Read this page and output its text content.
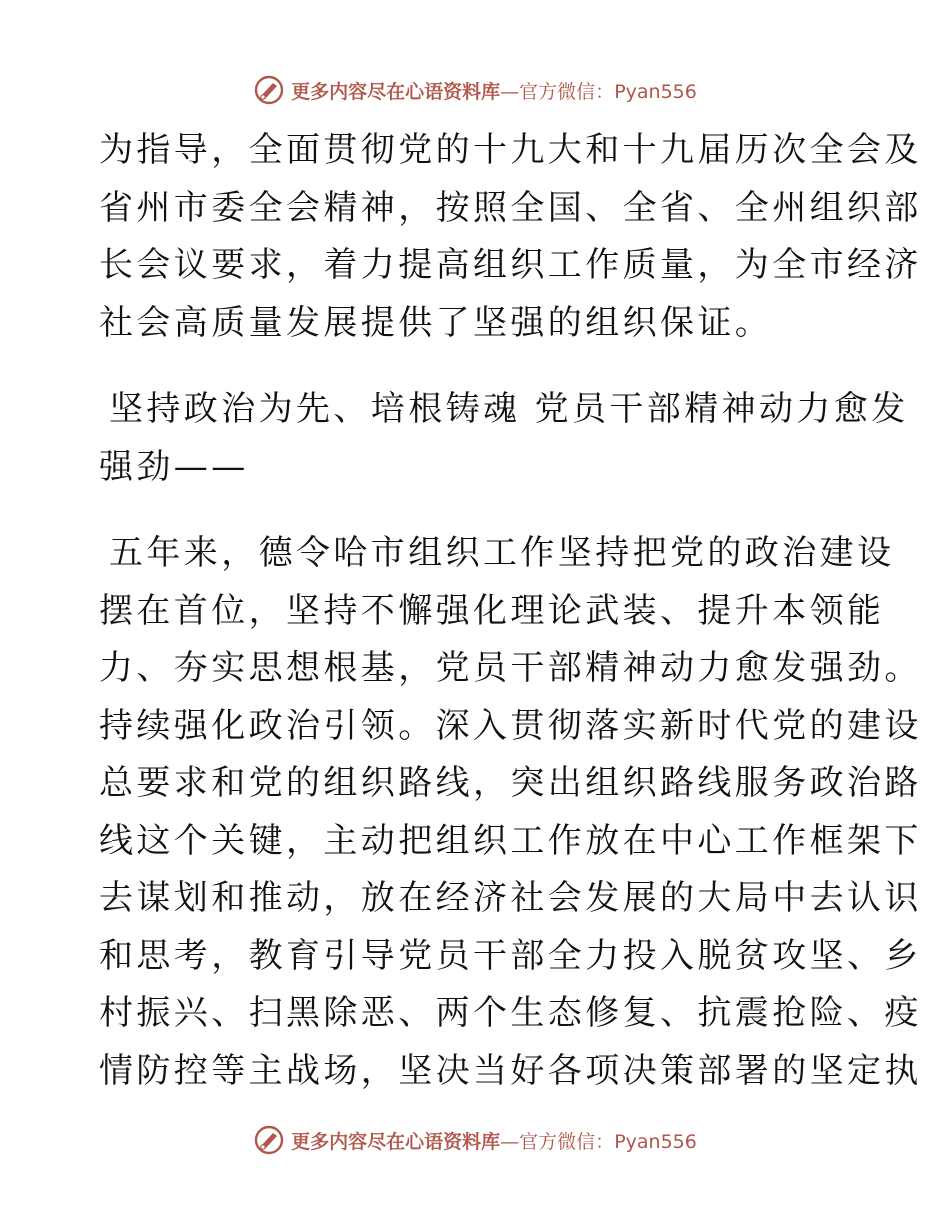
更多内容尽在心语资料库—官方微信：Pyan556
为指导，全面贯彻党的十九大和十九届历次全会及
省州市委全会精神，按照全国、全省、全州组织部
长会议要求，着力提高组织工作质量，为全市经济
社会高质量发展提供了坚强的组织保证。
坚持政治为先、培根铸魂 党员干部精神动力愈发
强劲——
五年来，德令哈市组织工作坚持把党的政治建设
摆在首位，坚持不懈强化理论武装、提升本领能
力、夯实思想根基，党员干部精神动力愈发强劲。
持续强化政治引领。深入贯彻落实新时代党的建设
总要求和党的组织路线，突出组织路线服务政治路
线这个关键，主动把组织工作放在中心工作框架下
去谋划和推动，放在经济社会发展的大局中去认识
和思考，教育引导党员干部全力投入脱贫攻坚、乡
村振兴、扫黑除恶、两个生态修复、抗震抢险、疫
情防控等主战场，坚决当好各项决策部署的坚定执
更多内容尽在心语资料库—官方微信：Pyan556
